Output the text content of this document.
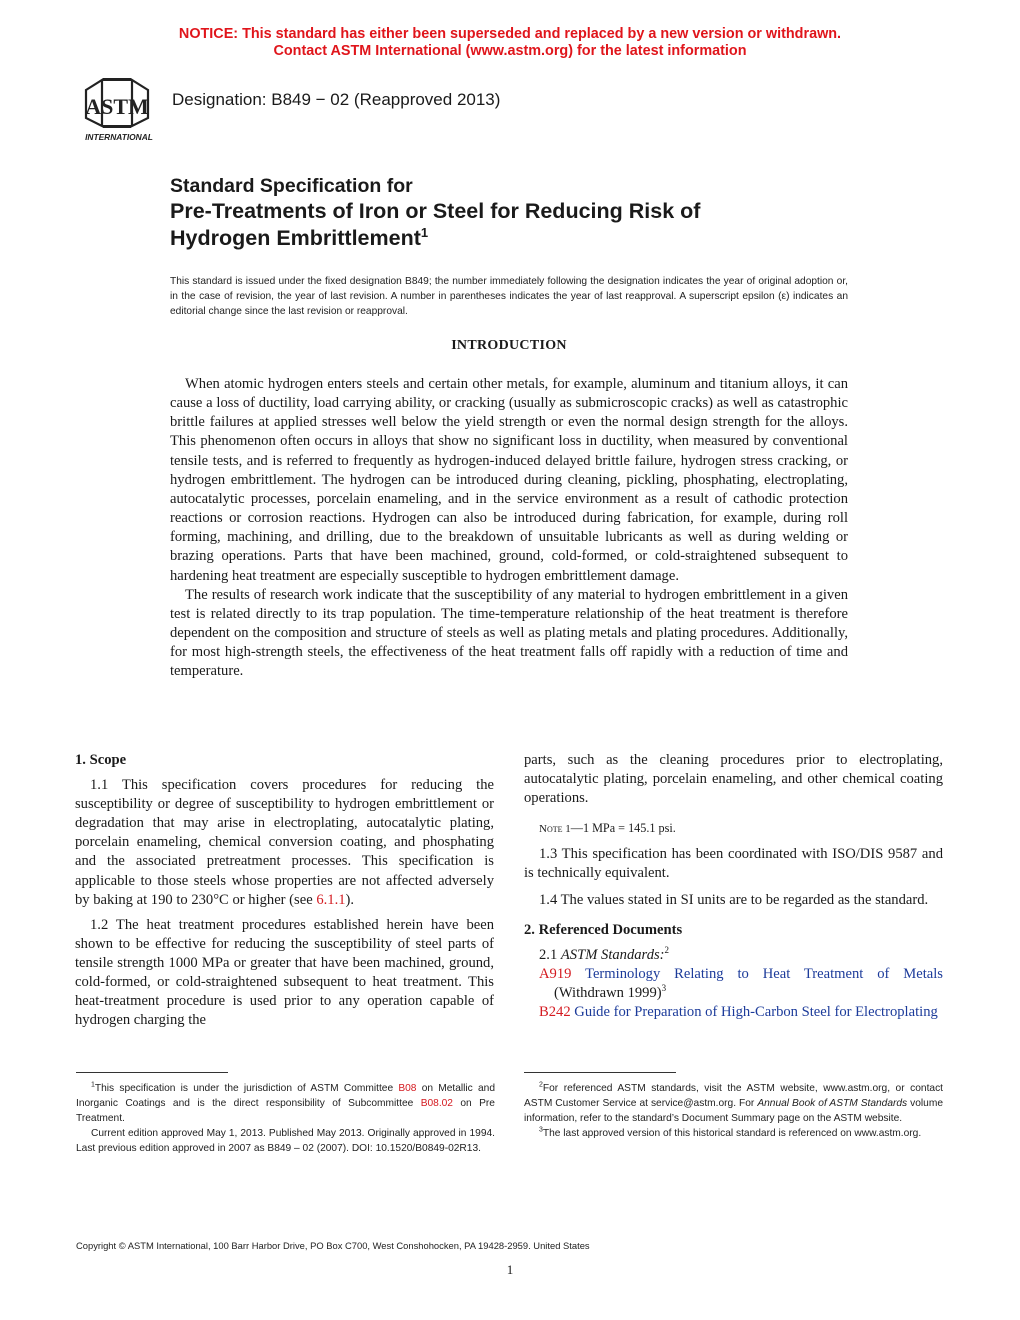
NOTICE: This standard has either been superseded and replaced by a new version or withdrawn.
Contact ASTM International (www.astm.org) for the latest information
ASTM
INTERNATIONAL
Designation: B849 − 02 (Reapproved 2013)
Standard Specification for
Pre-Treatments of Iron or Steel for Reducing Risk of
Hydrogen Embrittlement$^1$
This standard is issued under the fixed designation B849; the number immediately following the designation indicates the year of original adoption or, in the case of revision, the year of last revision. A number in parentheses indicates the year of last reapproval. A superscript epsilon (ε) indicates an editorial change since the last revision or reapproval.
INTRODUCTION

When atomic hydrogen enters steels and certain other metals, for example, aluminum and titanium alloys, it can cause a loss of ductility, load carrying ability, or cracking (usually as submicroscopic cracks) as well as catastrophic brittle failures at applied stresses well below the yield strength or even the normal design strength for the alloys. This phenomenon often occurs in alloys that show no significant loss in ductility, when measured by conventional tensile tests, and is referred to frequently as hydrogen-induced delayed brittle failure, hydrogen stress cracking, or hydrogen embrittlement. The hydrogen can be introduced during cleaning, pickling, phosphating, electroplating, autocatalytic processes, porcelain enameling, and in the service environment as a result of cathodic protection reactions or corrosion reactions. Hydrogen can also be introduced during fabrication, for example, during roll forming, machining, and drilling, due to the breakdown of unsuitable lubricants as well as during welding or brazing operations. Parts that have been machined, ground, cold-formed, or cold-straightened subsequent to hardening heat treatment are especially susceptible to hydrogen embrittlement damage.

The results of research work indicate that the susceptibility of any material to hydrogen embrittlement in a given test is related directly to its trap population. The time-temperature relationship of the heat treatment is therefore dependent on the composition and structure of steels as well as plating metals and plating procedures. Additionally, for most high-strength steels, the effectiveness of the heat treatment falls off rapidly with a reduction of time and temperature.

1. Scope

1.1 This specification covers procedures for reducing the susceptibility or degree of susceptibility to hydrogen embrittlement or degradation that may arise in electroplating, autocatalytic plating, porcelain enameling, chemical conversion coating, and phosphating and the associated pretreatment processes. This specification is applicable to those steels whose properties are not affected adversely by baking at 190 to 230°C or higher (see 6.1.1).

1.2 The heat treatment procedures established herein have been shown to be effective for reducing the susceptibility of steel parts of tensile strength 1000 MPa or greater that have been machined, ground, cold-formed, or cold-straightened subsequent to heat treatment. This heat-treatment procedure is used prior to any operation capable of hydrogen charging the

parts, such as the cleaning procedures prior to electroplating, autocatalytic plating, porcelain enameling, and other chemical coating operations.

Note 1—1 MPa = 145.1 psi.

1.3 This specification has been coordinated with ISO/DIS 9587 and is technically equivalent.

1.4 The values stated in SI units are to be regarded as the standard.

2. Referenced Documents

2.1 ASTM Standards:$^2$

A919 Terminology Relating to Heat Treatment of Metals (Withdrawn 1999)$^3$

B242 Guide for Preparation of High-Carbon Steel for Electroplating

$^1$This specification is under the jurisdiction of ASTM Committee B08 on Metallic and Inorganic Coatings and is the direct responsibility of Subcommittee B08.02 on Pre Treatment.

Current edition approved May 1, 2013. Published May 2013. Originally approved in 1994. Last previous edition approved in 2007 as B849 – 02 (2007). DOI: 10.1520/B0849-02R13.

$^2$For referenced ASTM standards, visit the ASTM website, www.astm.org, or contact ASTM Customer Service at service@astm.org. For Annual Book of ASTM Standards volume information, refer to the standard’s Document Summary page on the ASTM website.

$^3$The last approved version of this historical standard is referenced on www.astm.org.

Copyright © ASTM International, 100 Barr Harbor Drive, PO Box C700, West Conshohocken, PA 19428-2959. United States
1
